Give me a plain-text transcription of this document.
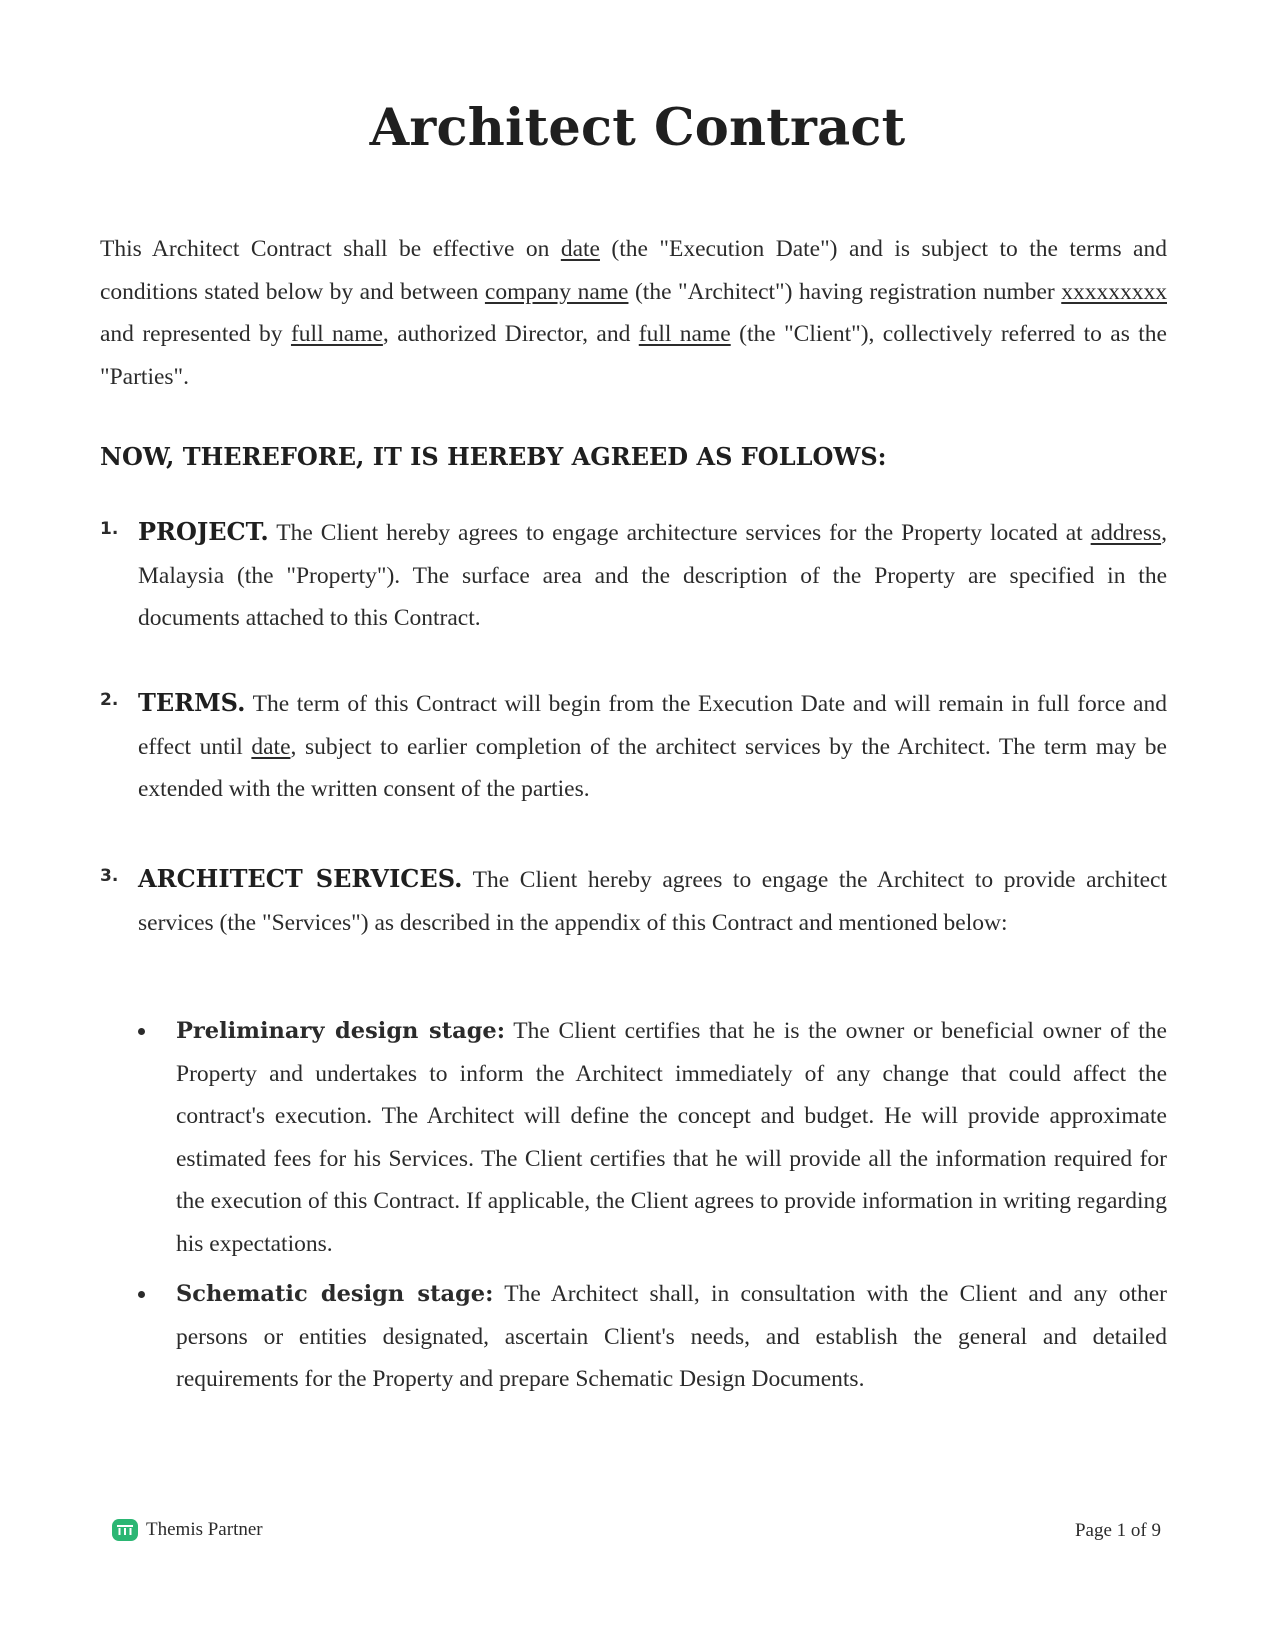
Architect Contract

This Architect Contract shall be effective on date (the "Execution Date") and is subject to the terms and conditions stated below by and between company name (the "Architect") having registration number xxxxxxxxx and represented by full name, authorized Director, and full name (the "Client"), collectively referred to as the "Parties".

NOW, THEREFORE, IT IS HEREBY AGREED AS FOLLOWS:
1. PROJECT. The Client hereby agrees to engage architecture services for the Property located at address, Malaysia (the "Property"). The surface area and the description of the Property are specified in the documents attached to this Contract.
2. TERMS. The term of this Contract will begin from the Execution Date and will remain in full force and effect until date, subject to earlier completion of the architect services by the Architect. The term may be extended with the written consent of the parties.
3. ARCHITECT SERVICES. The Client hereby agrees to engage the Architect to provide architect services (the "Services") as described in the appendix of this Contract and mentioned below:
Preliminary design stage: The Client certifies that he is the owner or beneficial owner of the Property and undertakes to inform the Architect immediately of any change that could affect the contract's execution. The Architect will define the concept and budget. He will provide approximate estimated fees for his Services. The Client certifies that he will provide all the information required for the execution of this Contract. If applicable, the Client agrees to provide information in writing regarding his expectations.
Schematic design stage: The Architect shall, in consultation with the Client and any other persons or entities designated, ascertain Client's needs, and establish the general and detailed requirements for the Property and prepare Schematic Design Documents.
Themis Partner	Page 1 of 9
